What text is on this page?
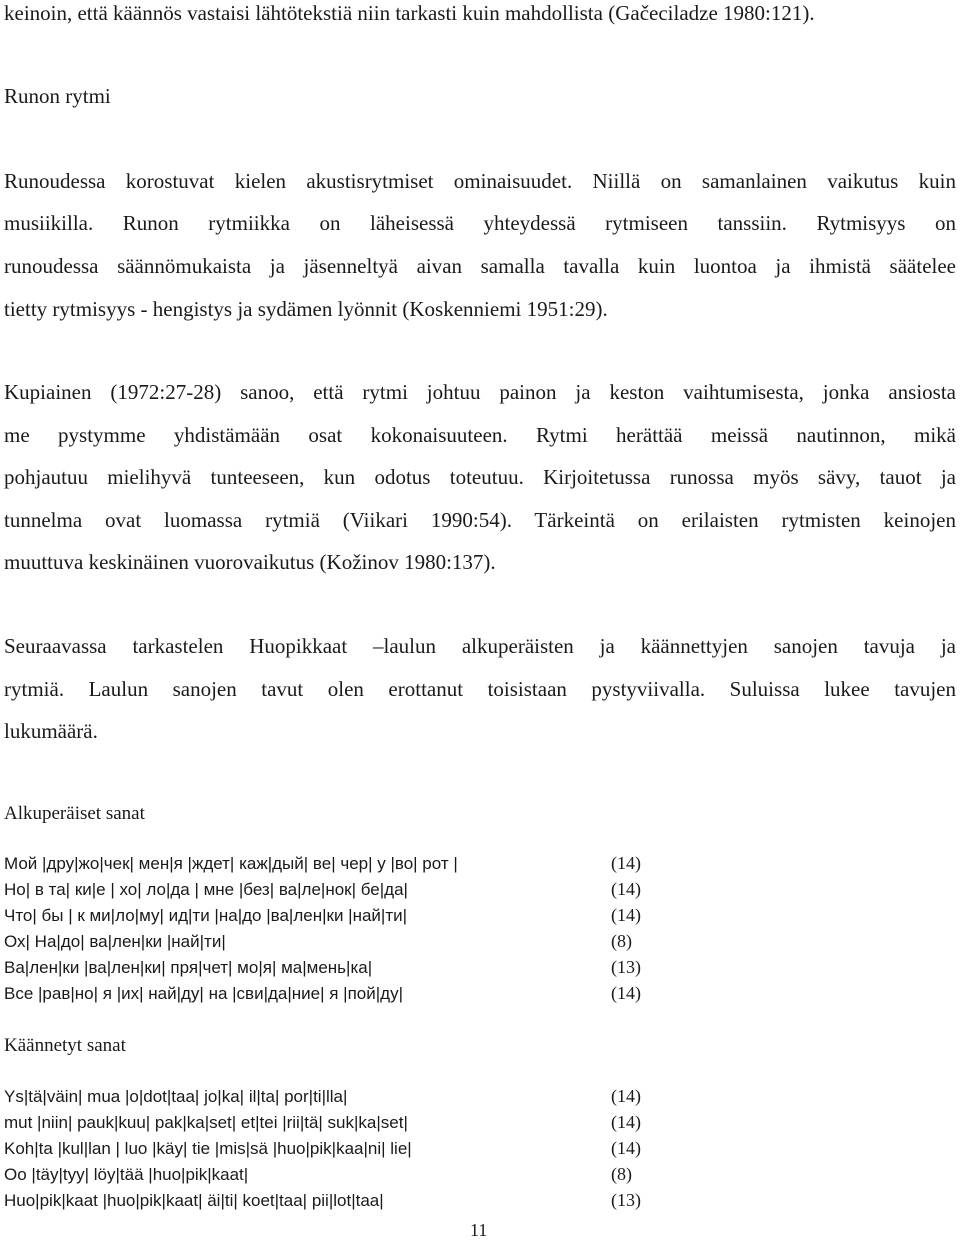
keinoin, että käännös vastaisi lähtötekstiä niin tarkasti kuin mahdollista (Gačeciladze 1980:121).
Runon rytmi
Runoudessa korostuvat kielen akustisrytmiset ominaisuudet. Niillä on samanlainen vaikutus kuin
musiikilla. Runon rytmiikka on läheisessä yhteydessä rytmiseen tanssiin. Rytmisyys on
runoudessa säännömukaista ja jäsenneltyä aivan samalla tavalla kuin luontoa ja ihmistä säätelee
tietty rytmisyys - hengistys ja sydämen lyönnit (Koskenniemi 1951:29).
Kupiainen (1972:27-28) sanoo, että rytmi johtuu painon ja keston vaihtumisesta, jonka ansiosta
me pystymme yhdistämään osat kokonaisuuteen. Rytmi herättää meissä nautinnon, mikä
pohjautuu mielihyvä tunteeseen, kun odotus toteutuu. Kirjoitetussa runossa myös sävy, tauot ja
tunnelma ovat luomassa rytmiä (Viikari 1990:54). Tärkeintä on erilaisten rytmisten keinojen
muuttuva keskinäinen vuorovaikutus (Kožinov 1980:137).
Seuraavassa tarkastelen Huopikkaat –laulun alkuperäisten ja käännettyjen sanojen tavuja ja
rytmiä. Laulun sanojen tavut olen erottanut toisistaan pystyviivalla. Suluissa lukee tavujen
lukumäärä.
Alkuperäiset sanat
Мой |дру|жо|чек| мен|я |ждет| каж|дый| ве| чер| у |во| рот |	(14)
Но| в та| ки|е | хо| ло|да | мне |без| ва|ле|нок| бе|да|	(14)
Что| бы | к ми|ло|му| ид|ти |на|до |ва|лен|ки |най|ти|	(14)
Ох| На|до| ва|лен|ки |най|ти|	(8)
Ва|лен|ки |ва|лен|ки| пря|чет| мо|я| ма|мень|ка|	(13)
Все |рав|но| я |их| най|ду| на |сви|да|ние| я |пой|ду|	(14)
Käännetyt sanat
Ys|tä|väin| mua |o|dot|taa| jo|ka| il|ta| por|ti|lla|	(14)
mut |niin| pauk|kuu| pak|ka|set| et|tei |rii|tä| suk|ka|set|	(14)
Koh|ta |kul|lan | luo |käy| tie |mis|sä |huo|pik|kaa|ni| lie|	(14)
Oo |täy|tyy| löy|tää |huo|pik|kaat|	(8)
Huo|pik|kaat |huo|pik|kaat| äi|ti| koet|taa| pii|lot|taa|	(13)
11
